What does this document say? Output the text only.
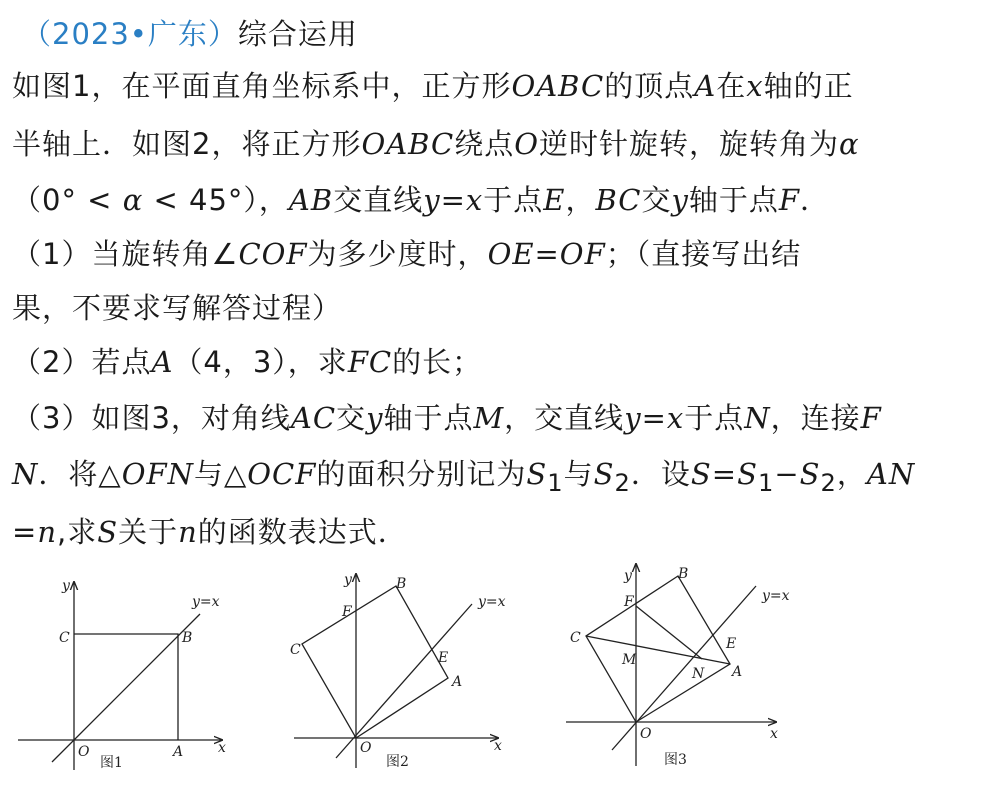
（2023•广东）综合运用
如图1，在平面直角坐标系中，正方形OABC的顶点A在x轴的正
半轴上．如图2，将正方形OABC绕点O逆时针旋转，旋转角为α
（0° < α < 45°），AB交直线y=x于点E，BC交y轴于点F．
（1）当旋转角∠COF为多少度时，OE=OF；（直接写出结
果，不要求写解答过程）
（2）若点A（4，3），求FC的长；
（3）如图3，对角线AC交y轴于点M，交直线y=x于点N，连接F
N．将△OFN与△OCF的面积分别记为$S_1$与$S_2$．设$S=S_1-S_2$，AN
=n,求S关于n的函数表达式．
y
x
O	A
B
C
y=x
图1
y
x
O
A
B
C	E
F
y=x
图2
y
x
O
A
B
C	E
F
M
N
y=x
图3
